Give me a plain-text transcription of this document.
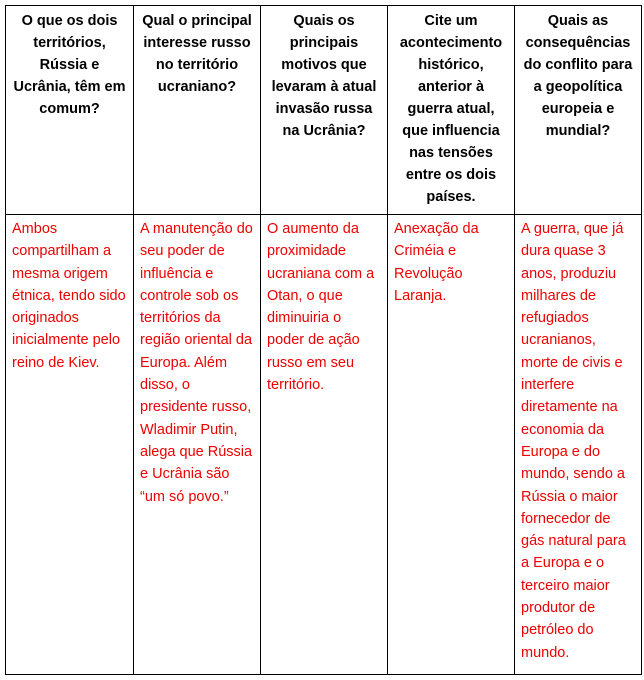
O que os dois territórios, Rússia e Ucrânia, têm em comum?	Qual o principal interesse russo no território ucraniano?	Quais os principais motivos que levaram à atual invasão russa na Ucrânia?	Cite um acontecimento histórico, anterior à guerra atual, que influencia nas tensões entre os dois países.	Quais as consequências do conflito para a geopolítica europeia e mundial?
Ambos compartilham a mesma origem étnica, tendo sido originados inicialmente pelo reino de Kiev.	A manutenção do seu poder de influência e controle sob os territórios da região oriental da Europa. Além disso, o presidente russo, Wladimir Putin, alega que Rússia e Ucrânia são “um só povo.”	O aumento da proximidade ucraniana com a Otan, o que diminuiria o poder de ação russo em seu território.	Anexação da Criméia e Revolução Laranja.	A guerra, que já dura quase 3 anos, produziu milhares de refugiados ucranianos, morte de civis e interfere diretamente na economia da Europa e do mundo, sendo a Rússia o maior fornecedor de gás natural para a Europa e o terceiro maior produtor de petróleo do mundo.
